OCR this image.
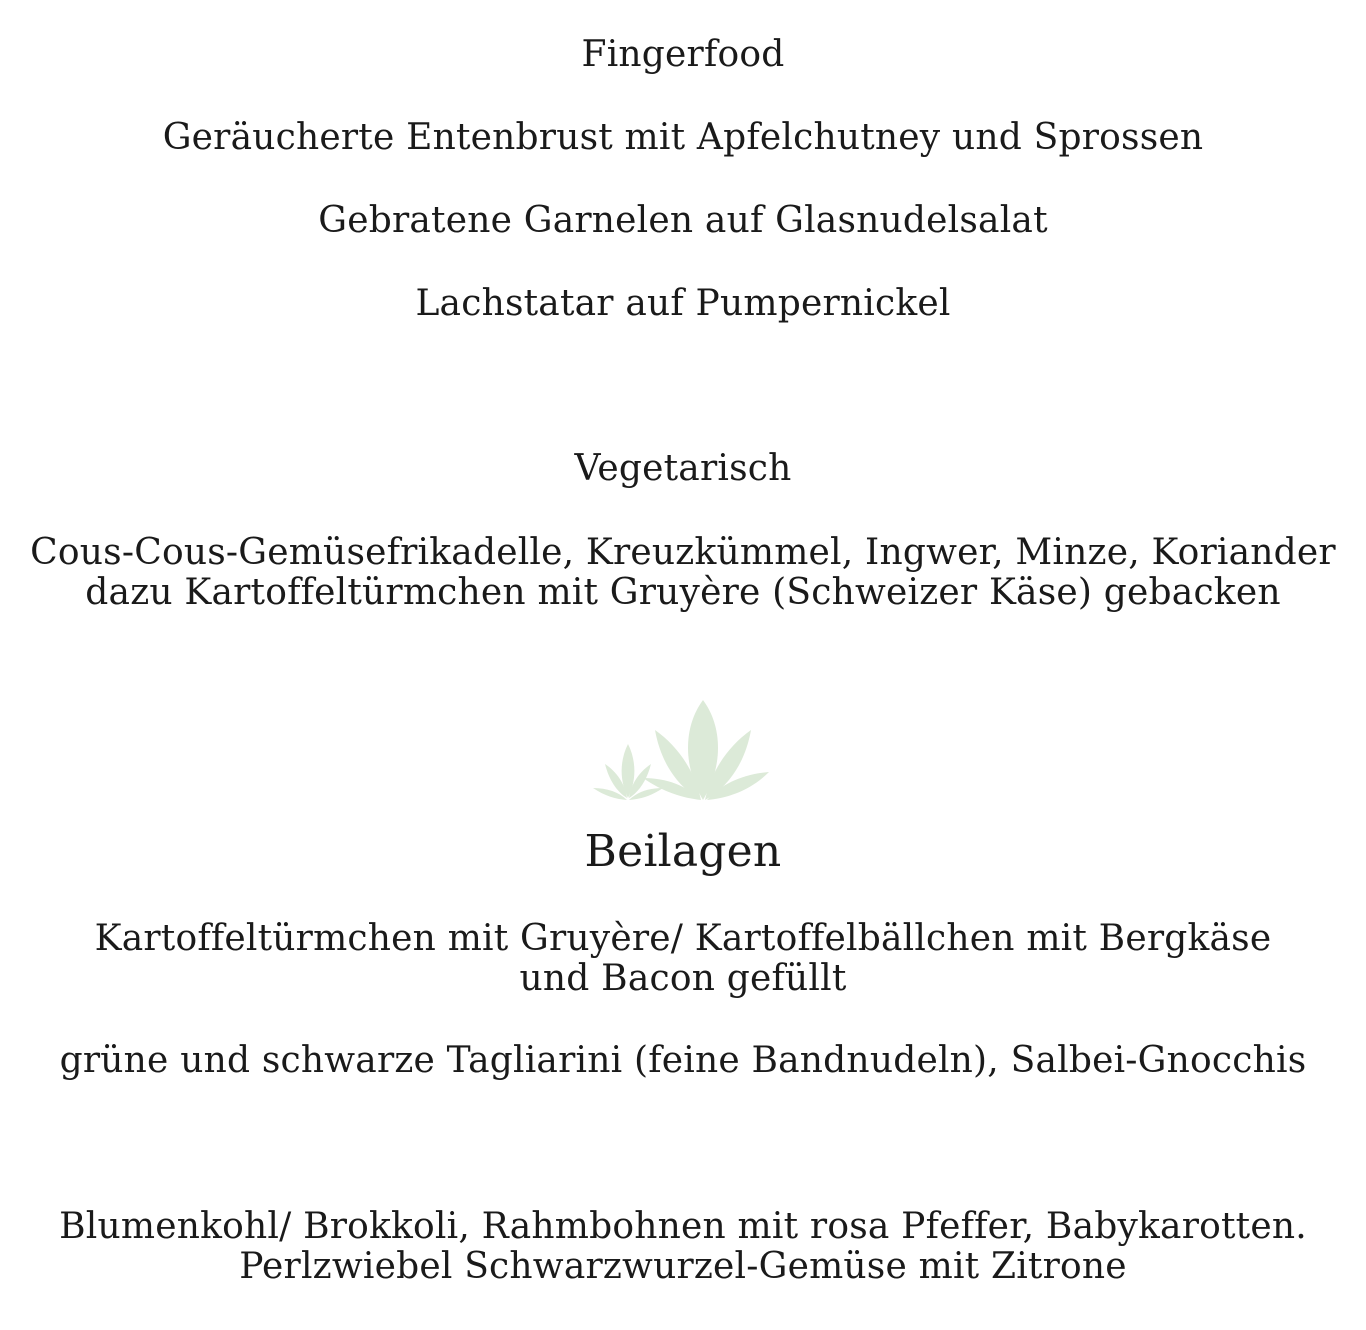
Fingerfood
Geräucherte Entenbrust mit Apfelchutney und Sprossen
Gebratene Garnelen auf Glasnudelsalat
Lachstatar auf Pumpernickel
Vegetarisch
Cous-Cous-Gemüsefrikadelle, Kreuzkümmel, Ingwer, Minze, Koriander
dazu Kartoffeltürmchen mit Gruyère (Schweizer Käse) gebacken
Beilagen
Kartoffeltürmchen mit Gruyère/ Kartoffelbällchen mit Bergkäse
und Bacon gefüllt
grüne und schwarze Tagliarini (feine Bandnudeln), Salbei-Gnocchis
Blumenkohl/ Brokkoli, Rahmbohnen mit rosa Pfeffer, Babykarotten.
Perlzwiebel Schwarzwurzel-Gemüse mit Zitrone
